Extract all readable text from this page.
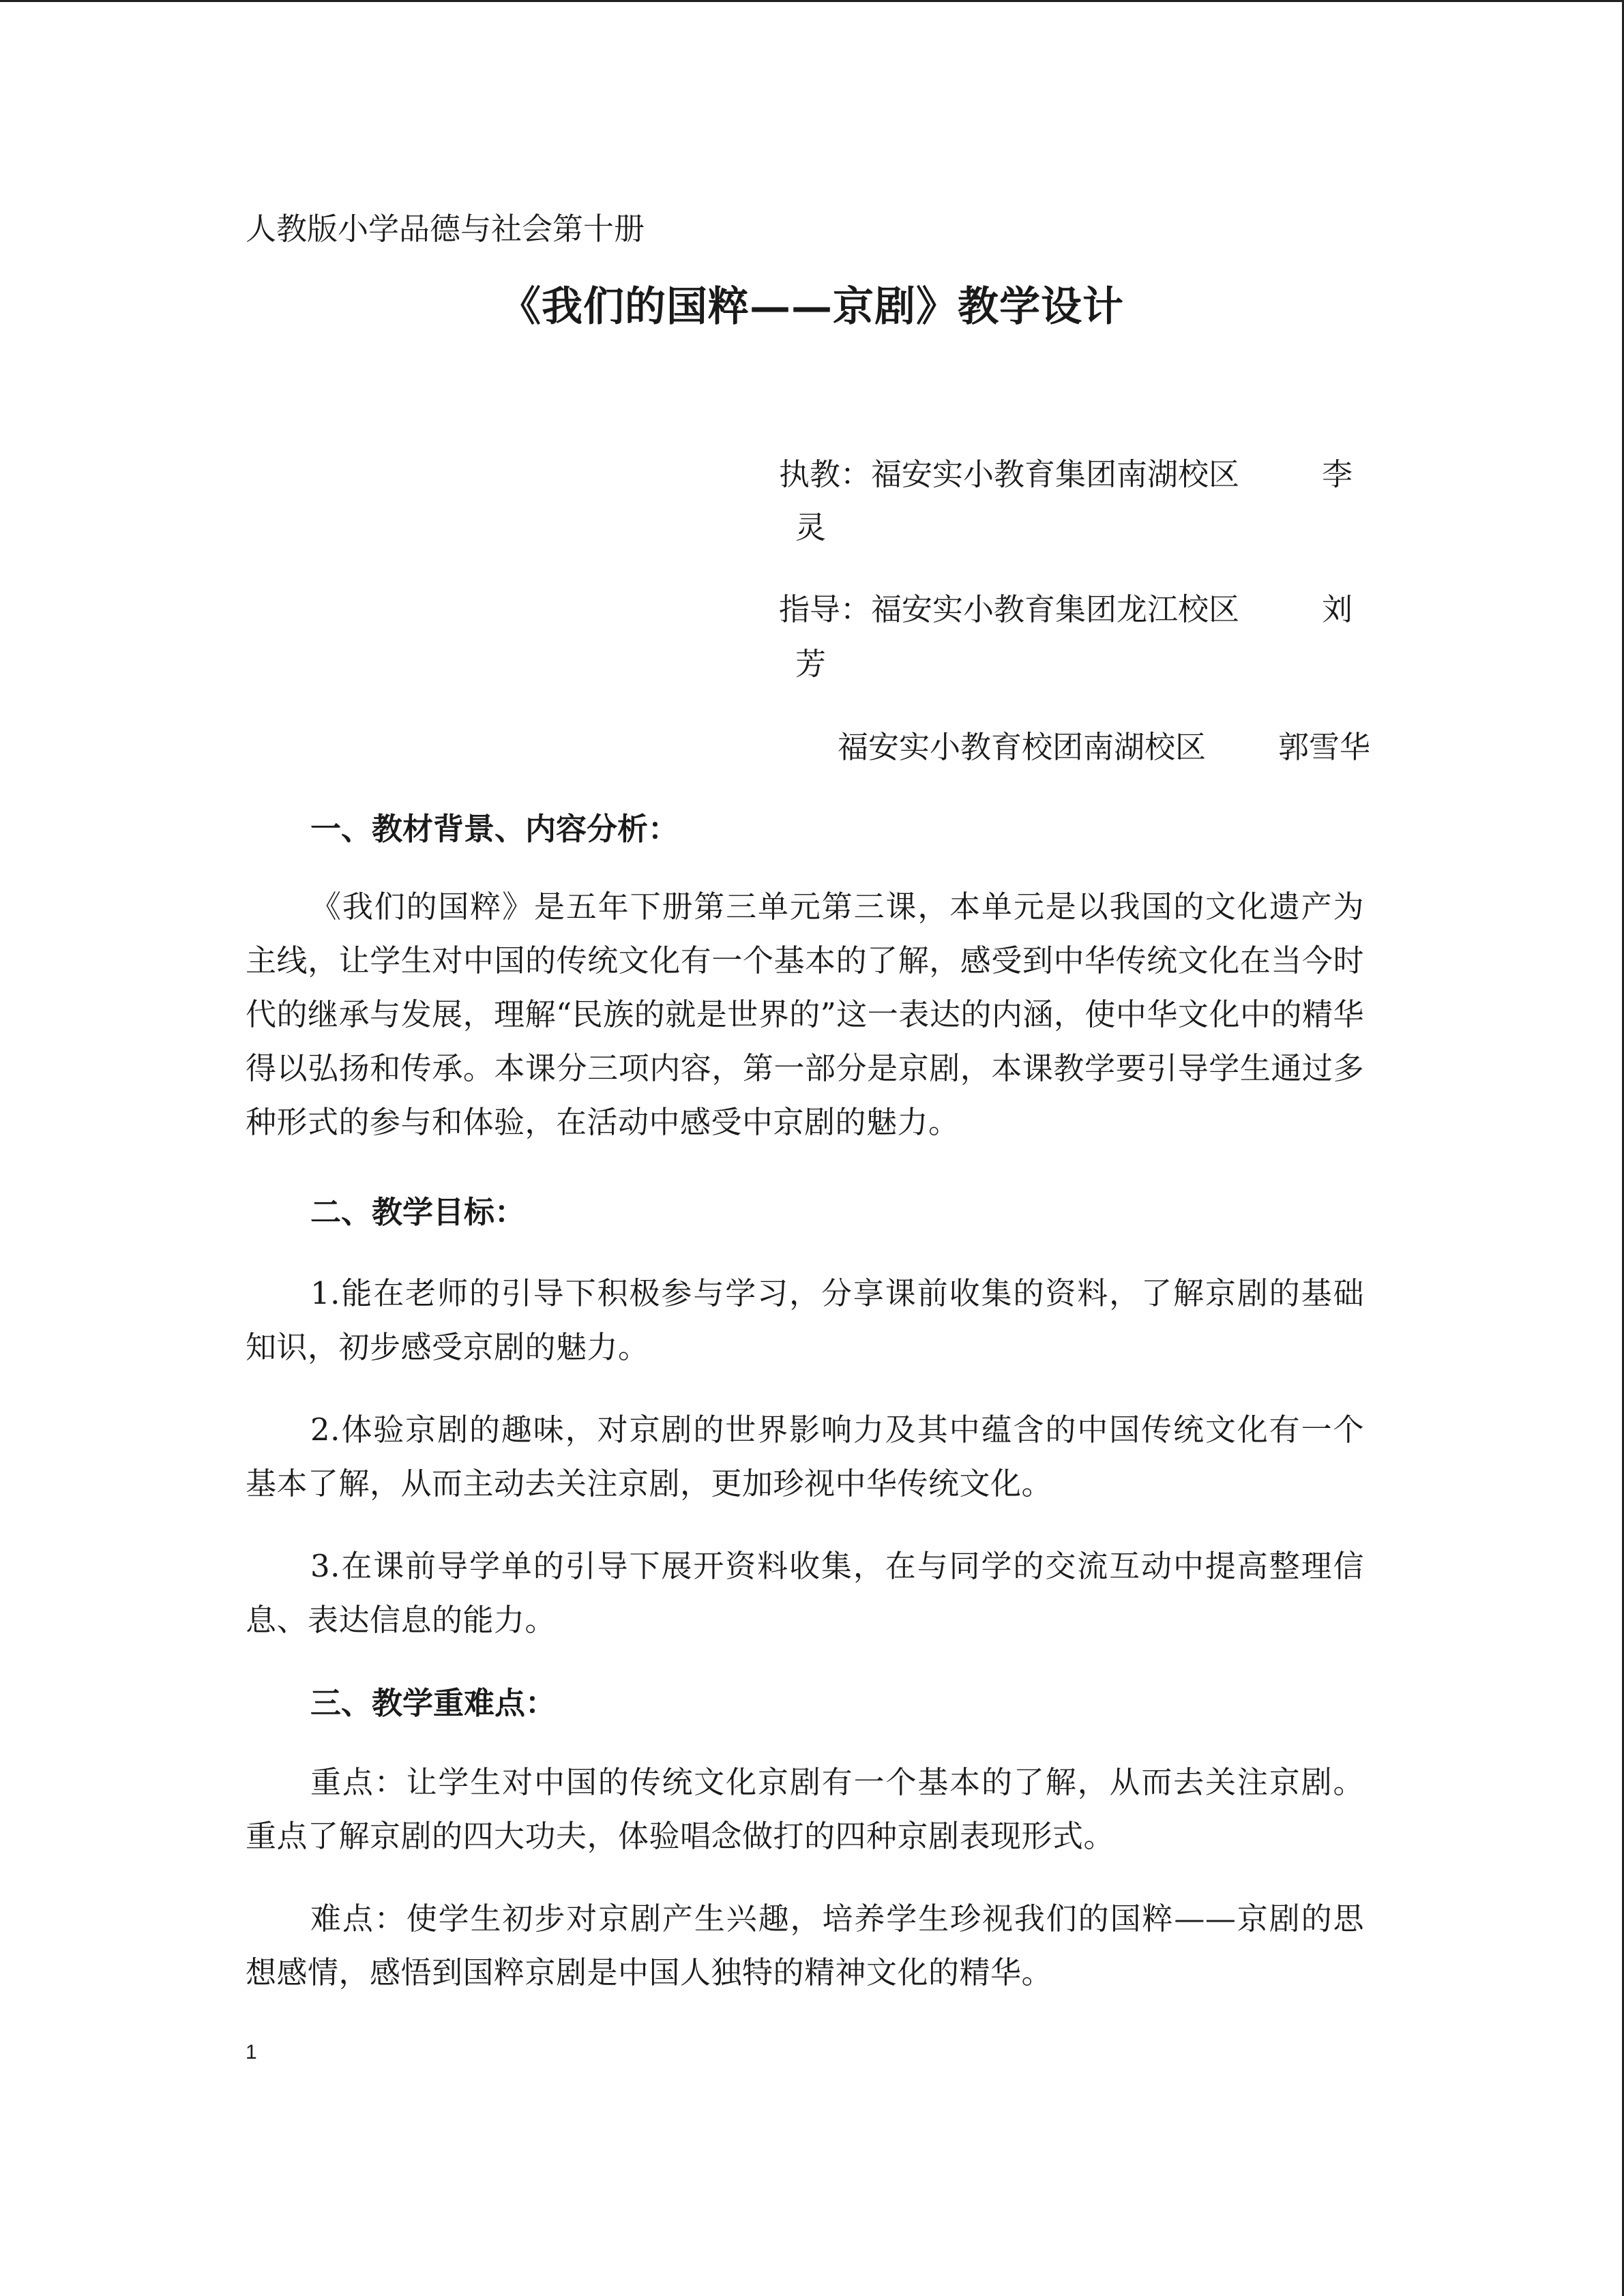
人教版小学品德与社会第十册
《我们的国粹——京剧》教学设计
执教：福安实小教育集团南湖校区	李
灵
指导：福安实小教育集团龙江校区	刘
芳
福安实小教育校团南湖校区 郭雪华
一、教材背景、内容分析：
《我们的国粹》是五年下册第三单元第三课，本单元是以我国的文化遗产为主线，让学生对中国的传统文化有一个基本的了解，感受到中华传统文化在当今时代的继承与发展，理解“民族的就是世界的”这一表达的内涵，使中华文化中的精华得以弘扬和传承。本课分三项内容，第一部分是京剧，本课教学要引导学生通过多种形式的参与和体验，在活动中感受中京剧的魅力。
二、教学目标：
1.能在老师的引导下积极参与学习，分享课前收集的资料，了解京剧的基础知识，初步感受京剧的魅力。
2.体验京剧的趣味，对京剧的世界影响力及其中蕴含的中国传统文化有一个基本了解，从而主动去关注京剧，更加珍视中华传统文化。
3.在课前导学单的引导下展开资料收集，在与同学的交流互动中提高整理信息、表达信息的能力。
三、教学重难点：
重点：让学生对中国的传统文化京剧有一个基本的了解，从而去关注京剧。重点了解京剧的四大功夫，体验唱念做打的四种京剧表现形式。
难点：使学生初步对京剧产生兴趣，培养学生珍视我们的国粹——京剧的思想感情，感悟到国粹京剧是中国人独特的精神文化的精华。
1
